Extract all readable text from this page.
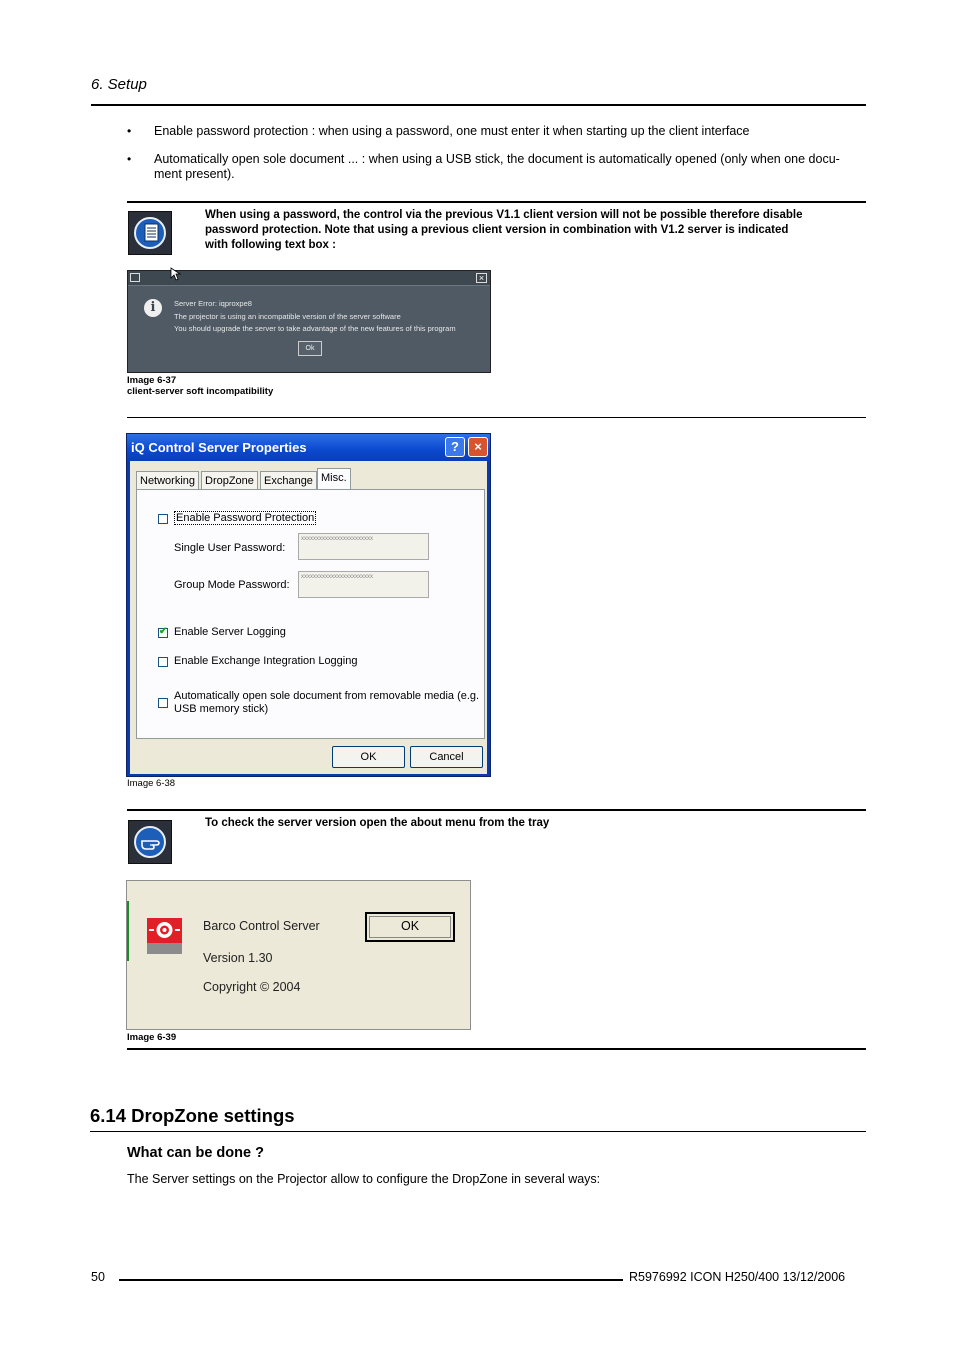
6. Setup
• Enable password protection : when using a password, one must enter it when starting up the client interface
• Automatically open sole document ... : when using a USB stick, the document is automatically opened (only when one docu-
ment present).
When using a password, the control via the previous V1.1 client version will not be possible therefore disable
password protection. Note that using a previous client version in combination with V1.2 server is indicated
with following text box :
×
i	Server Error: iqproxpe8
The projector is using an incompatible version of the server software
You should upgrade the server to take advantage of the new features of this program
Ok
Image 6-37
client-server soft incompatibility
iQ Control Server Properties	?	×
Networking DropZone Exchange Misc.
Enable Password Protection
Single User Password:
xxxxxxxxxxxxxxxxxxxxxxxx
Group Mode Password:
xxxxxxxxxxxxxxxxxxxxxxxx
✔ Enable Server Logging
Enable Exchange Integration Logging
Automatically open sole document from removable media (e.g.
USB memory stick)
OK	Cancel
Image 6-38
To check the server version open the about menu from the tray
Barco Control Server
Version 1.30
Copyright © 2004
OK
Image 6-39
6.14 DropZone settings
What can be done ?
The Server settings on the Projector allow to configure the DropZone in several ways:
50	R5976992 ICON H250/400 13/12/2006
